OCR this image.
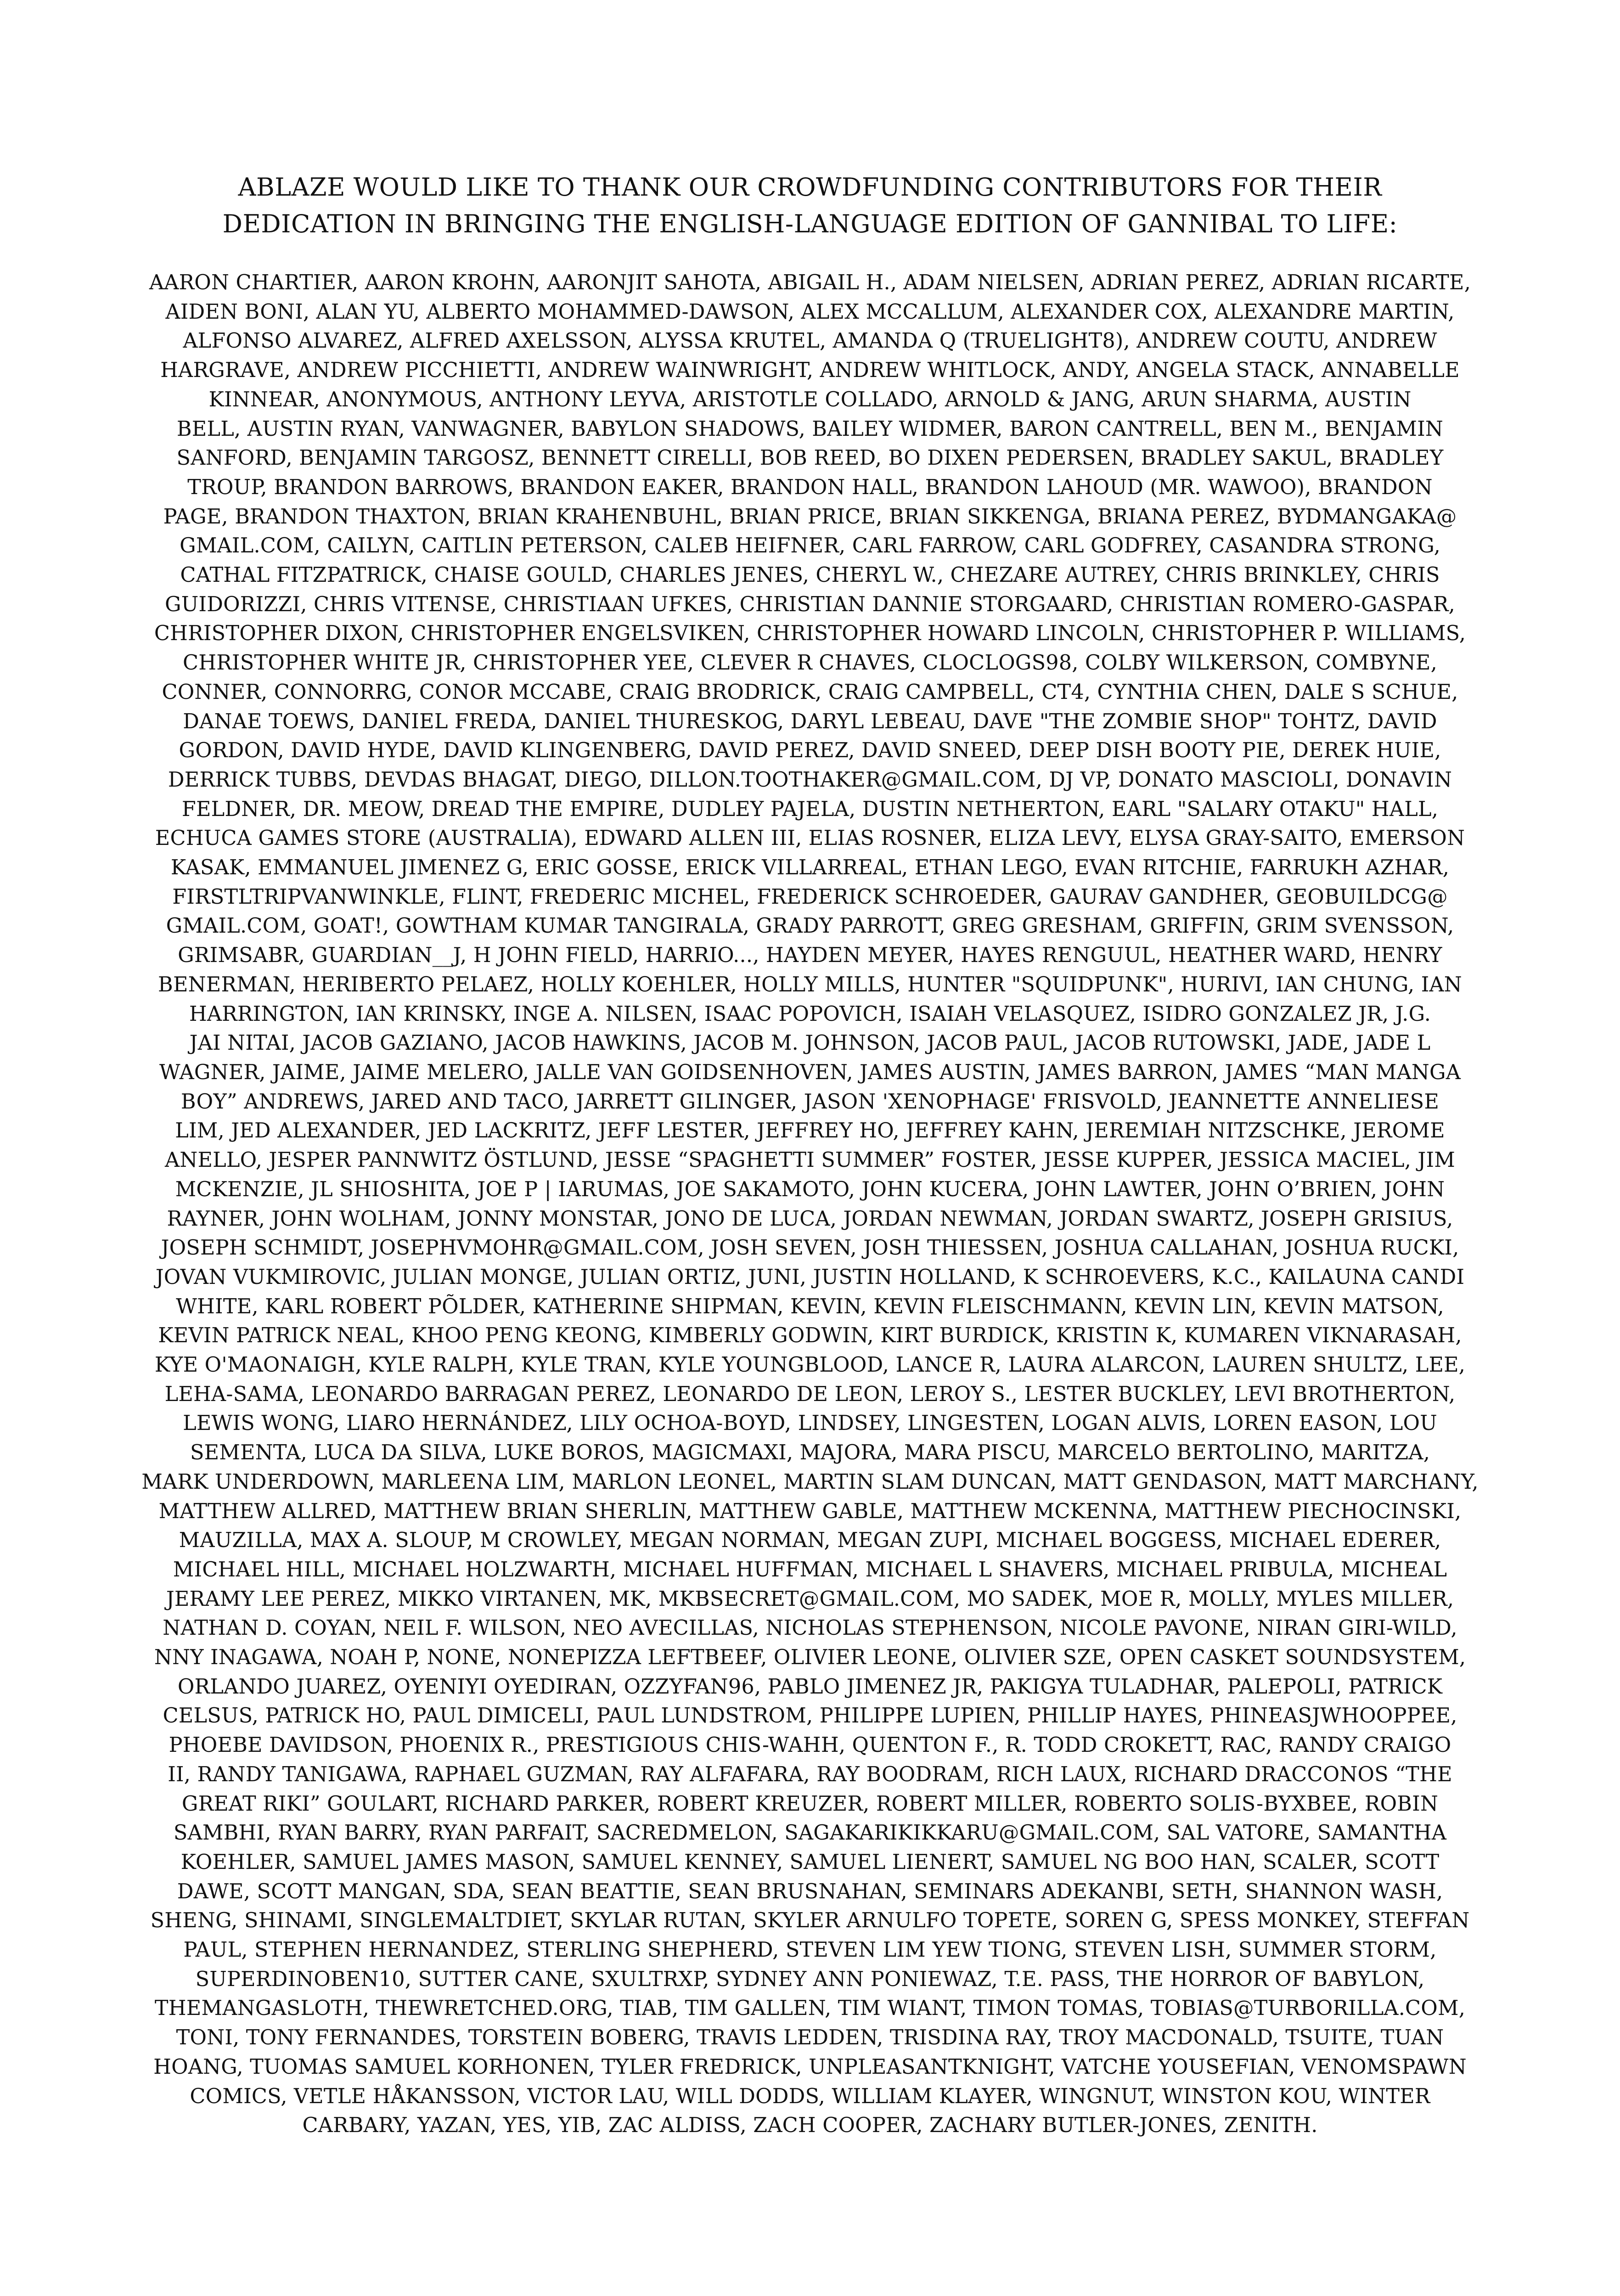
ABLAZE WOULD LIKE TO THANK OUR CROWDFUNDING CONTRIBUTORS FOR THEIR
DEDICATION IN BRINGING THE ENGLISH-LANGUAGE EDITION OF GANNIBAL TO LIFE:
AARON CHARTIER, AARON KROHN, AARONJIT SAHOTA, ABIGAIL H., ADAM NIELSEN, ADRIAN PEREZ, ADRIAN RICARTE,
AIDEN BONI, ALAN YU, ALBERTO MOHAMMED-DAWSON, ALEX MCCALLUM, ALEXANDER COX, ALEXANDRE MARTIN,
ALFONSO ALVAREZ, ALFRED AXELSSON, ALYSSA KRUTEL, AMANDA Q (TRUELIGHT8), ANDREW COUTU, ANDREW
HARGRAVE, ANDREW PICCHIETTI, ANDREW WAINWRIGHT, ANDREW WHITLOCK, ANDY, ANGELA STACK, ANNABELLE
KINNEAR, ANONYMOUS, ANTHONY LEYVA, ARISTOTLE COLLADO, ARNOLD & JANG, ARUN SHARMA, AUSTIN
BELL, AUSTIN RYAN, VANWAGNER, BABYLON SHADOWS, BAILEY WIDMER, BARON CANTRELL, BEN M., BENJAMIN
SANFORD, BENJAMIN TARGOSZ, BENNETT CIRELLI, BOB REED, BO DIXEN PEDERSEN, BRADLEY SAKUL, BRADLEY
TROUP, BRANDON BARROWS, BRANDON EAKER, BRANDON HALL, BRANDON LAHOUD (MR. WAWOO), BRANDON
PAGE, BRANDON THAXTON, BRIAN KRAHENBUHL, BRIAN PRICE, BRIAN SIKKENGA, BRIANA PEREZ, BYDMANGAKA@
GMAIL.COM, CAILYN, CAITLIN PETERSON, CALEB HEIFNER, CARL FARROW, CARL GODFREY, CASANDRA STRONG,
CATHAL FITZPATRICK, CHAISE GOULD, CHARLES JENES, CHERYL W., CHEZARE AUTREY, CHRIS BRINKLEY, CHRIS
GUIDORIZZI, CHRIS VITENSE, CHRISTIAAN UFKES, CHRISTIAN DANNIE STORGAARD, CHRISTIAN ROMERO-GASPAR,
CHRISTOPHER DIXON, CHRISTOPHER ENGELSVIKEN, CHRISTOPHER HOWARD LINCOLN, CHRISTOPHER P. WILLIAMS,
CHRISTOPHER WHITE JR, CHRISTOPHER YEE, CLEVER R CHAVES, CLOCLOGS98, COLBY WILKERSON, COMBYNE,
CONNER, CONNORRG, CONOR MCCABE, CRAIG BRODRICK, CRAIG CAMPBELL, CT4, CYNTHIA CHEN, DALE S SCHUE,
DANAE TOEWS, DANIEL FREDA, DANIEL THURESKOG, DARYL LEBEAU, DAVE "THE ZOMBIE SHOP" TOHTZ, DAVID
GORDON, DAVID HYDE, DAVID KLINGENBERG, DAVID PEREZ, DAVID SNEED, DEEP DISH BOOTY PIE, DEREK HUIE,
DERRICK TUBBS, DEVDAS BHAGAT, DIEGO, DILLON.TOOTHAKER@GMAIL.COM, DJ VP, DONATO MASCIOLI, DONAVIN
FELDNER, DR. MEOW, DREAD THE EMPIRE, DUDLEY PAJELA, DUSTIN NETHERTON, EARL "SALARY OTAKU" HALL,
ECHUCA GAMES STORE (AUSTRALIA), EDWARD ALLEN III, ELIAS ROSNER, ELIZA LEVY, ELYSA GRAY-SAITO, EMERSON
KASAK, EMMANUEL JIMENEZ G, ERIC GOSSE, ERICK VILLARREAL, ETHAN LEGO, EVAN RITCHIE, FARRUKH AZHAR,
FIRSTLTRIPVANWINKLE, FLINT, FREDERIC MICHEL, FREDERICK SCHROEDER, GAURAV GANDHER, GEOBUILDCG@
GMAIL.COM, GOAT!, GOWTHAM KUMAR TANGIRALA, GRADY PARROTT, GREG GRESHAM, GRIFFIN, GRIM SVENSSON,
GRIMSABR, GUARDIAN__J, H JOHN FIELD, HARRIO..., HAYDEN MEYER, HAYES RENGUUL, HEATHER WARD, HENRY
BENERMAN, HERIBERTO PELAEZ, HOLLY KOEHLER, HOLLY MILLS, HUNTER "SQUIDPUNK", HURIVI, IAN CHUNG, IAN
HARRINGTON, IAN KRINSKY, INGE A. NILSEN, ISAAC POPOVICH, ISAIAH VELASQUEZ, ISIDRO GONZALEZ JR, J.G.
JAI NITAI, JACOB GAZIANO, JACOB HAWKINS, JACOB M. JOHNSON, JACOB PAUL, JACOB RUTOWSKI, JADE, JADE L
WAGNER, JAIME, JAIME MELERO, JALLE VAN GOIDSENHOVEN, JAMES AUSTIN, JAMES BARRON, JAMES “MAN MANGA
BOY” ANDREWS, JARED AND TACO, JARRETT GILINGER, JASON 'XENOPHAGE' FRISVOLD, JEANNETTE ANNELIESE
LIM, JED ALEXANDER, JED LACKRITZ, JEFF LESTER, JEFFREY HO, JEFFREY KAHN, JEREMIAH NITZSCHKE, JEROME
ANELLO, JESPER PANNWITZ ÖSTLUND, JESSE “SPAGHETTI SUMMER” FOSTER, JESSE KUPPER, JESSICA MACIEL, JIM
MCKENZIE, JL SHIOSHITA, JOE P | IARUMAS, JOE SAKAMOTO, JOHN KUCERA, JOHN LAWTER, JOHN O’BRIEN, JOHN
RAYNER, JOHN WOLHAM, JONNY MONSTAR, JONO DE LUCA, JORDAN NEWMAN, JORDAN SWARTZ, JOSEPH GRISIUS,
JOSEPH SCHMIDT, JOSEPHVMOHR@GMAIL.COM, JOSH SEVEN, JOSH THIESSEN, JOSHUA CALLAHAN, JOSHUA RUCKI,
JOVAN VUKMIROVIC, JULIAN MONGE, JULIAN ORTIZ, JUNI, JUSTIN HOLLAND, K SCHROEVERS, K.C., KAILAUNA CANDI
WHITE, KARL ROBERT PÕLDER, KATHERINE SHIPMAN, KEVIN, KEVIN FLEISCHMANN, KEVIN LIN, KEVIN MATSON,
KEVIN PATRICK NEAL, KHOO PENG KEONG, KIMBERLY GODWIN, KIRT BURDICK, KRISTIN K, KUMAREN VIKNARASAH,
KYE O'MAONAIGH, KYLE RALPH, KYLE TRAN, KYLE YOUNGBLOOD, LANCE R, LAURA ALARCON, LAUREN SHULTZ, LEE,
LEHA-SAMA, LEONARDO BARRAGAN PEREZ, LEONARDO DE LEON, LEROY S., LESTER BUCKLEY, LEVI BROTHERTON,
LEWIS WONG, LIARO HERNÁNDEZ, LILY OCHOA-BOYD, LINDSEY, LINGESTEN, LOGAN ALVIS, LOREN EASON, LOU
SEMENTA, LUCA DA SILVA, LUKE BOROS, MAGICMAXI, MAJORA, MARA PISCU, MARCELO BERTOLINO, MARITZA,
MARK UNDERDOWN, MARLEENA LIM, MARLON LEONEL, MARTIN SLAM DUNCAN, MATT GENDASON, MATT MARCHANY,
MATTHEW ALLRED, MATTHEW BRIAN SHERLIN, MATTHEW GABLE, MATTHEW MCKENNA, MATTHEW PIECHOCINSKI,
MAUZILLA, MAX A. SLOUP, M CROWLEY, MEGAN NORMAN, MEGAN ZUPI, MICHAEL BOGGESS, MICHAEL EDERER,
MICHAEL HILL, MICHAEL HOLZWARTH, MICHAEL HUFFMAN, MICHAEL L SHAVERS, MICHAEL PRIBULA, MICHEAL
JERAMY LEE PEREZ, MIKKO VIRTANEN, MK, MKBSECRET@GMAIL.COM, MO SADEK, MOE R, MOLLY, MYLES MILLER,
NATHAN D. COYAN, NEIL F. WILSON, NEO AVECILLAS, NICHOLAS STEPHENSON, NICOLE PAVONE, NIRAN GIRI-WILD,
NNY INAGAWA, NOAH P, NONE, NONEPIZZA LEFTBEEF, OLIVIER LEONE, OLIVIER SZE, OPEN CASKET SOUNDSYSTEM,
ORLANDO JUAREZ, OYENIYI OYEDIRAN, OZZYFAN96, PABLO JIMENEZ JR, PAKIGYA TULADHAR, PALEPOLI, PATRICK
CELSUS, PATRICK HO, PAUL DIMICELI, PAUL LUNDSTROM, PHILIPPE LUPIEN, PHILLIP HAYES, PHINEASJWHOOPPEE,
PHOEBE DAVIDSON, PHOENIX R., PRESTIGIOUS CHIS-WAHH, QUENTON F., R. TODD CROKETT, RAC, RANDY CRAIGO
II, RANDY TANIGAWA, RAPHAEL GUZMAN, RAY ALFAFARA, RAY BOODRAM, RICH LAUX, RICHARD DRACCONOS “THE
GREAT RIKI” GOULART, RICHARD PARKER, ROBERT KREUZER, ROBERT MILLER, ROBERTO SOLIS-BYXBEE, ROBIN
SAMBHI, RYAN BARRY, RYAN PARFAIT, SACREDMELON, SAGAKARIKIKKARU@GMAIL.COM, SAL VATORE, SAMANTHA
KOEHLER, SAMUEL JAMES MASON, SAMUEL KENNEY, SAMUEL LIENERT, SAMUEL NG BOO HAN, SCALER, SCOTT
DAWE, SCOTT MANGAN, SDA, SEAN BEATTIE, SEAN BRUSNAHAN, SEMINARS ADEKANBI, SETH, SHANNON WASH,
SHENG, SHINAMI, SINGLEMALTDIET, SKYLAR RUTAN, SKYLER ARNULFO TOPETE, SOREN G, SPESS MONKEY, STEFFAN
PAUL, STEPHEN HERNANDEZ, STERLING SHEPHERD, STEVEN LIM YEW TIONG, STEVEN LISH, SUMMER STORM,
SUPERDINOBEN10, SUTTER CANE, SXULTRXP, SYDNEY ANN PONIEWAZ, T.E. PASS, THE HORROR OF BABYLON,
THEMANGASLOTH, THEWRETCHED.ORG, TIAB, TIM GALLEN, TIM WIANT, TIMON TOMAS, TOBIAS@TURBORILLA.COM,
TONI, TONY FERNANDES, TORSTEIN BOBERG, TRAVIS LEDDEN, TRISDINA RAY, TROY MACDONALD, TSUITE, TUAN
HOANG, TUOMAS SAMUEL KORHONEN, TYLER FREDRICK, UNPLEASANTKNIGHT, VATCHE YOUSEFIAN, VENOMSPAWN
COMICS, VETLE HÅKANSSON, VICTOR LAU, WILL DODDS, WILLIAM KLAYER, WINGNUT, WINSTON KOU, WINTER
CARBARY, YAZAN, YES, YIB, ZAC ALDISS, ZACH COOPER, ZACHARY BUTLER-JONES, ZENITH.
